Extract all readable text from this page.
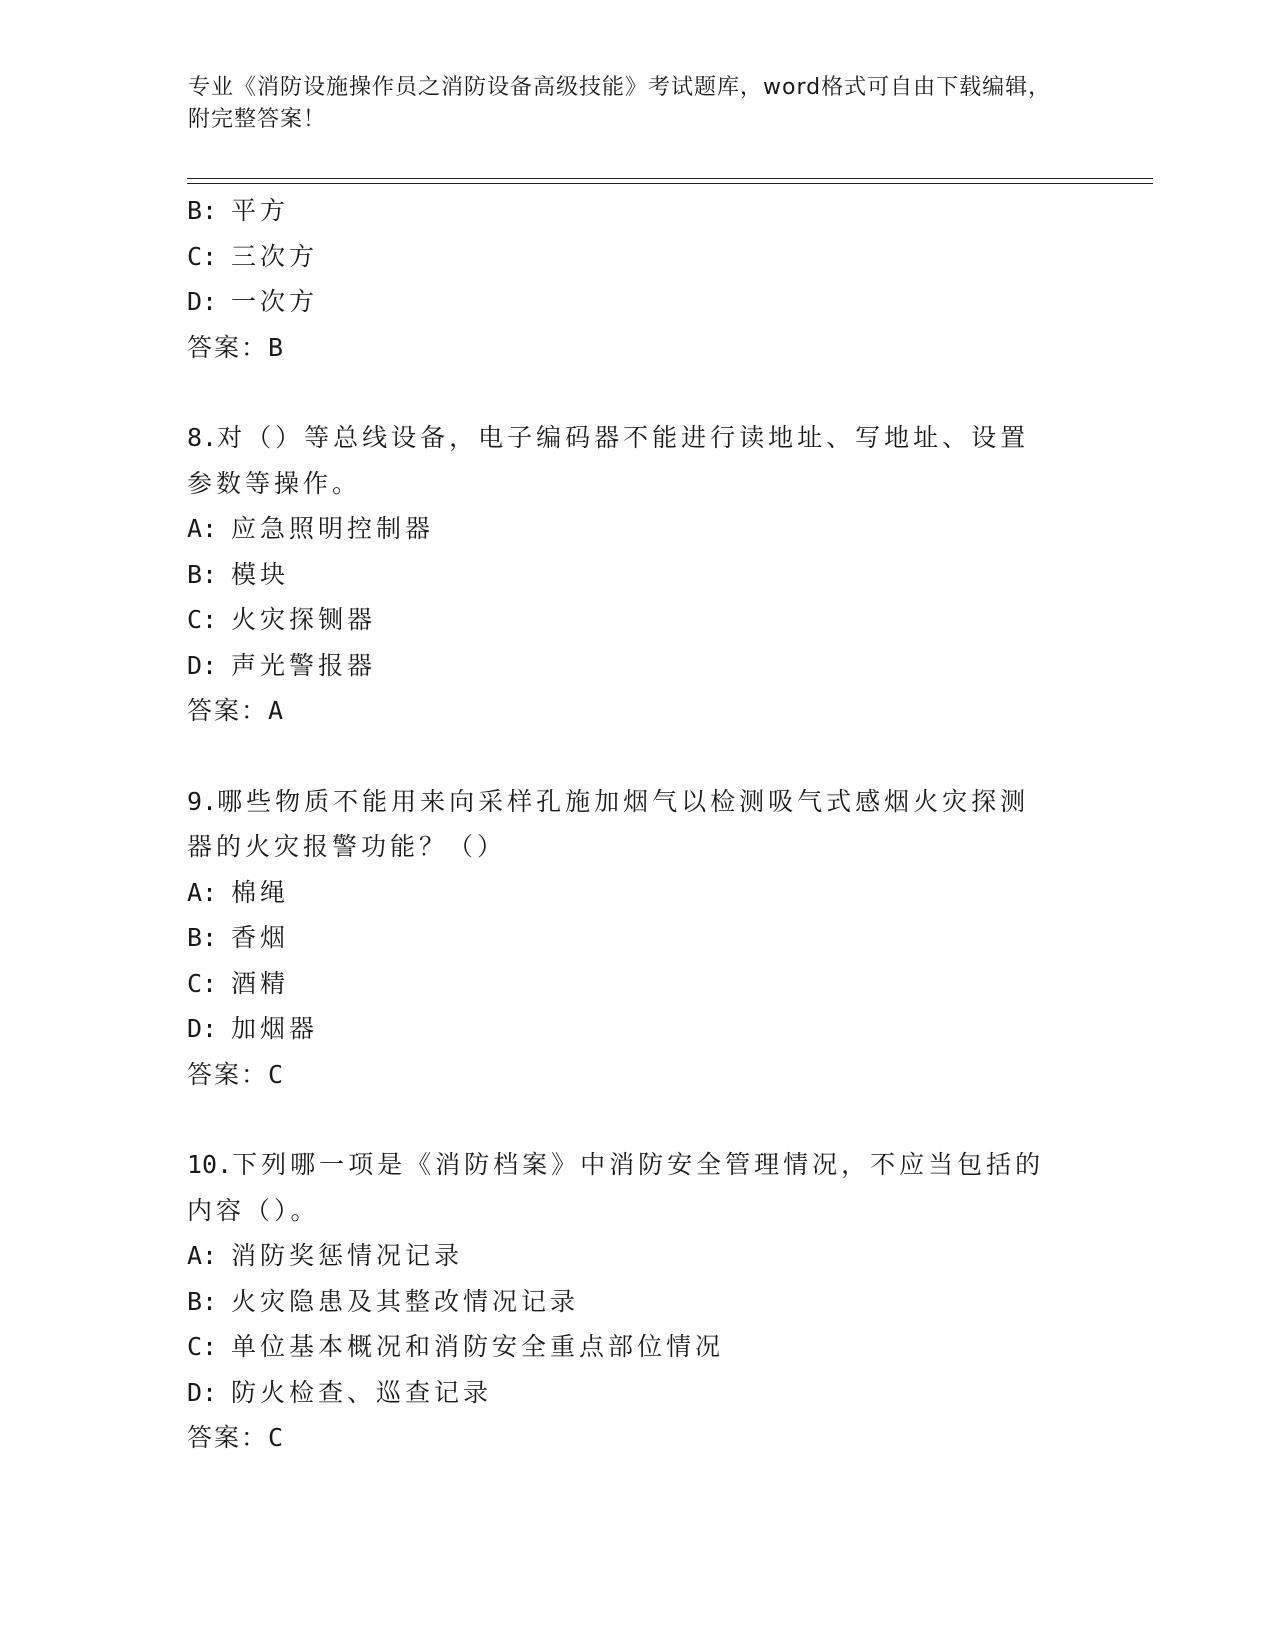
专业《消防设施操作员之消防设备高级技能》考试题库，word格式可自由下载编辑，附完整答案！
B: 平方
C: 三次方
D: 一次方
答案：B
8.对（）等总线设备，电子编码器不能进行读地址、写地址、设置参数等操作。
A: 应急照明控制器
B: 模块
C: 火灾探铡器
D: 声光警报器
答案：A
9.哪些物质不能用来向采样孔施加烟气以检测吸气式感烟火灾探测器的火灾报警功能？（）
A: 棉绳
B: 香烟
C: 酒精
D: 加烟器
答案：C
10.下列哪一项是《消防档案》中消防安全管理情况，不应当包括的内容（）。
A: 消防奖惩情况记录
B: 火灾隐患及其整改情况记录
C: 单位基本概况和消防安全重点部位情况
D: 防火检查、巡查记录
答案：C
